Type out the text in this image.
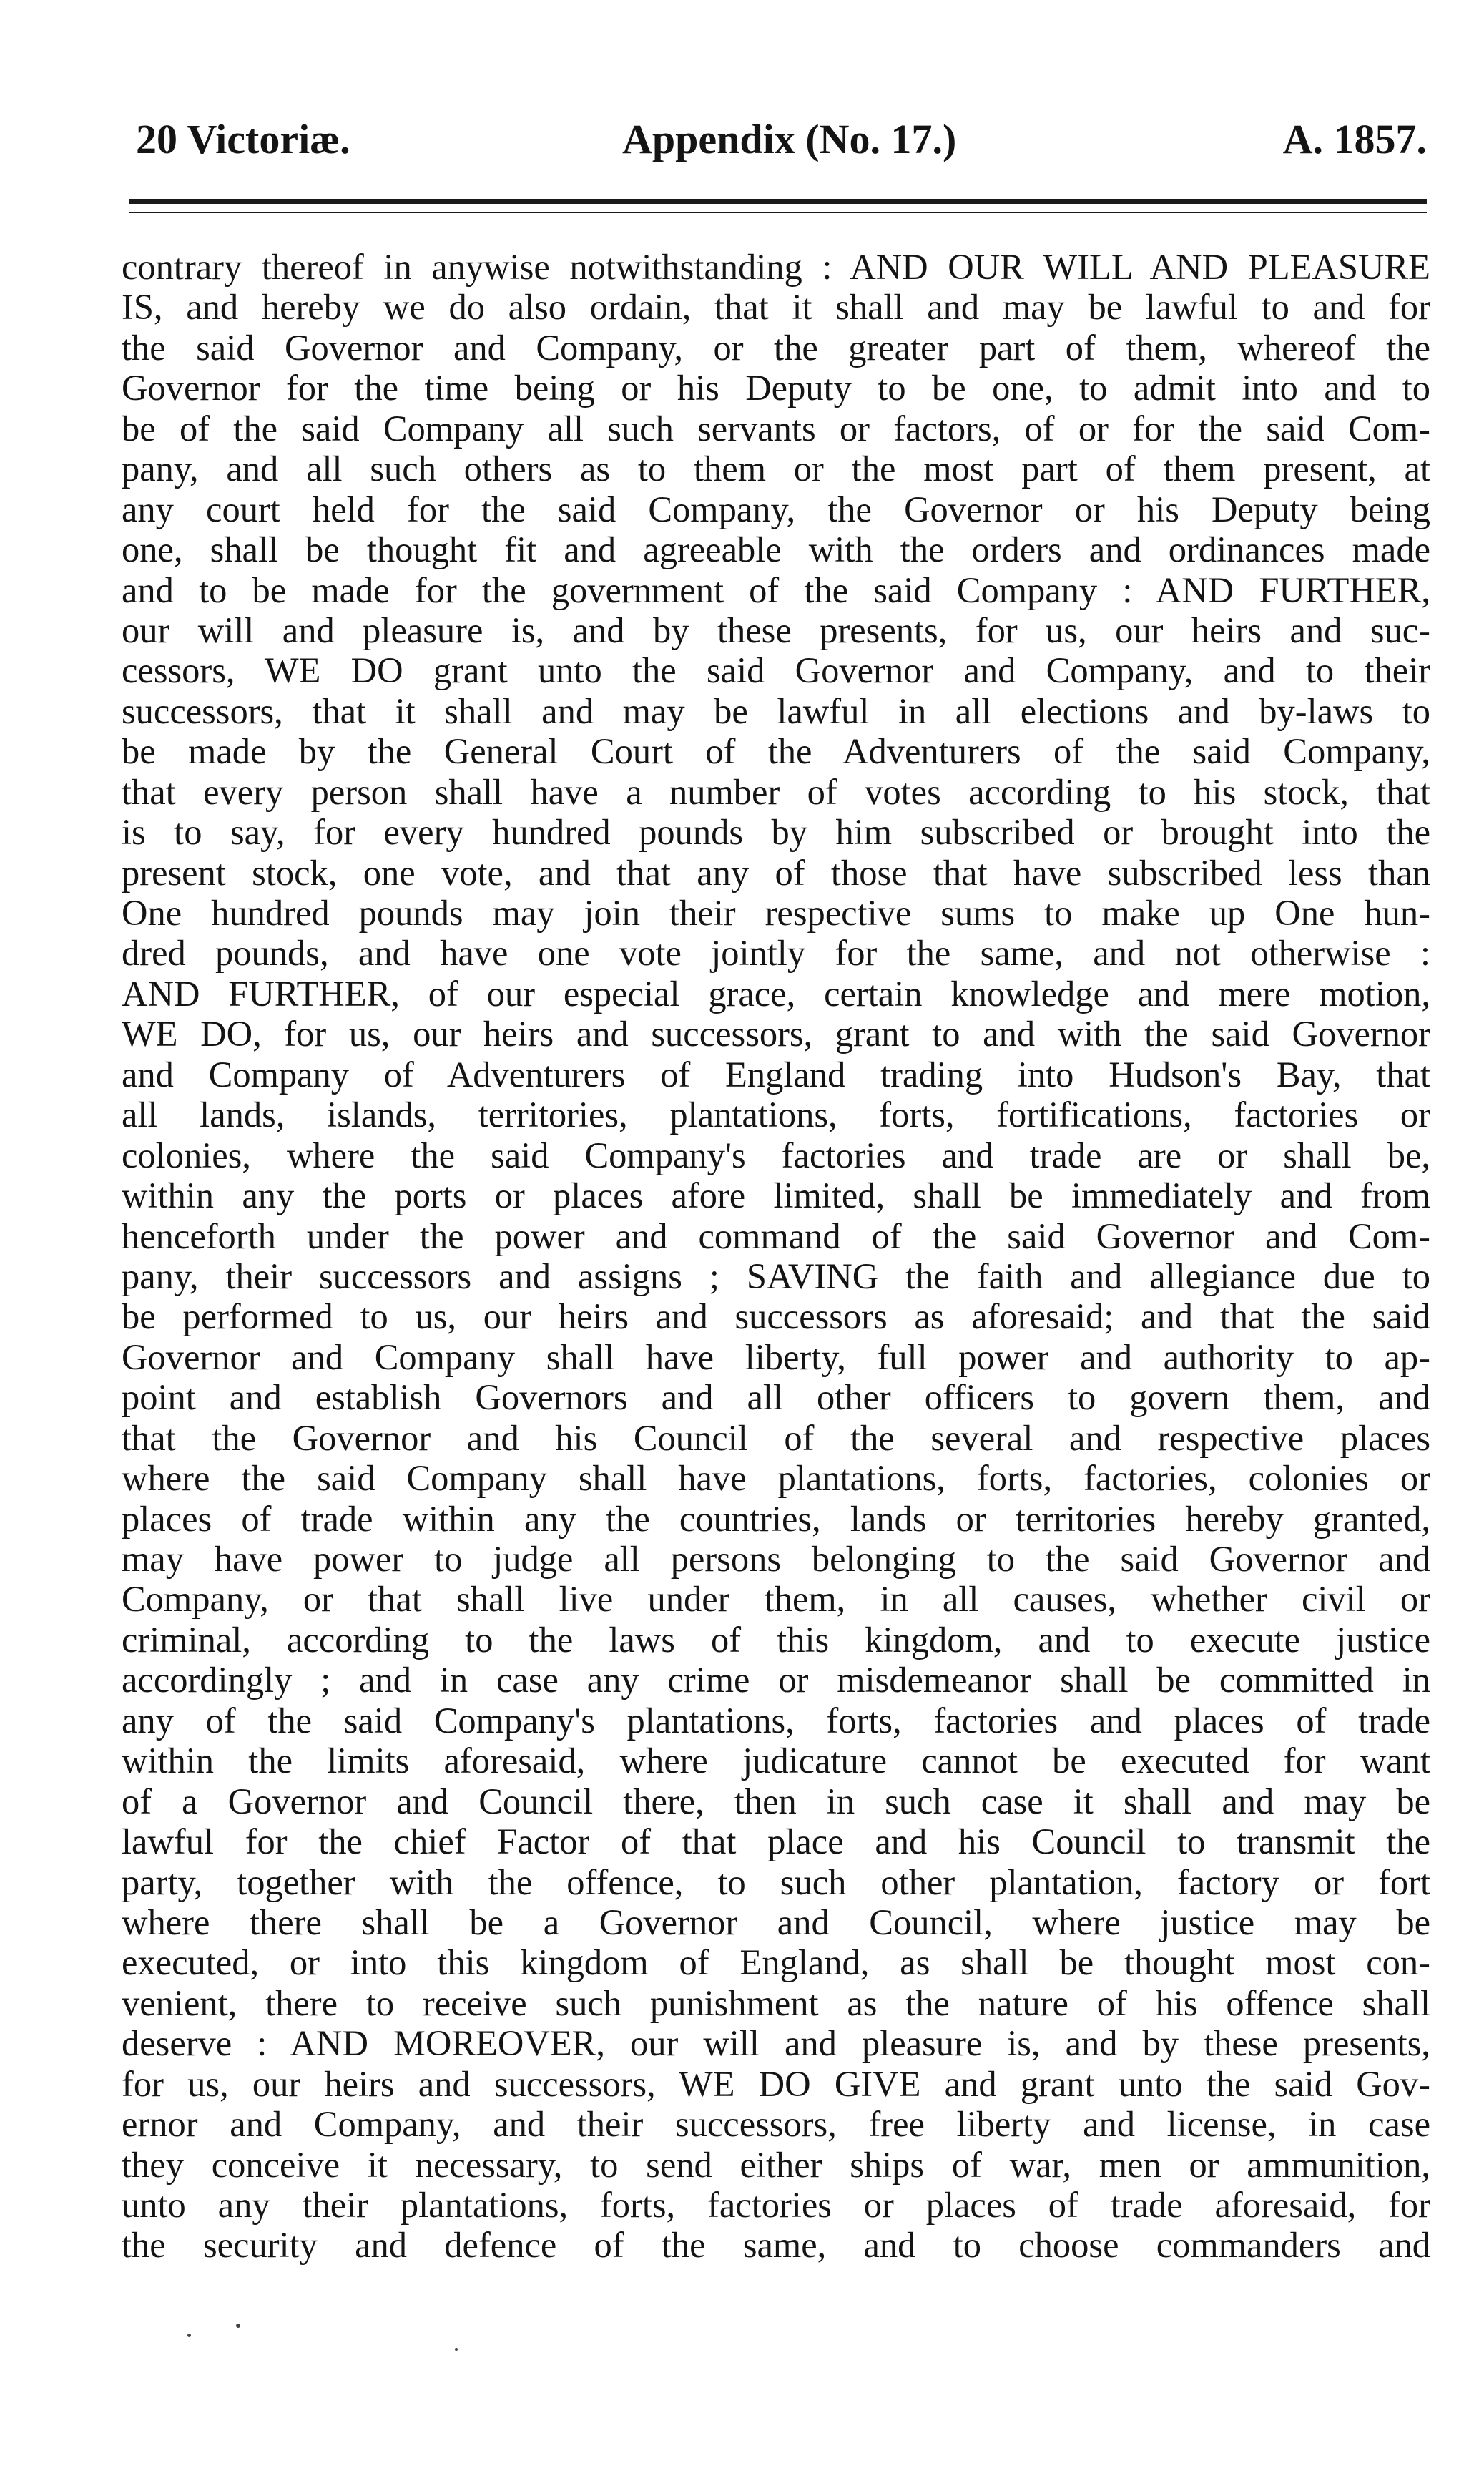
20 Victoriæ.	Appendix (No. 17.)	A. 1857.
contrary thereof in anywise notwithstanding : AND OUR WILL AND PLEASURE
IS, and hereby we do also ordain, that it shall and may be lawful to and for
the said Governor and Company, or the greater part of them, whereof the
Governor for the time being or his Deputy to be one, to admit into and to
be of the said Company all such servants or factors, of or for the said Com-
pany, and all such others as to them or the most part of them present, at
any court held for the said Company, the Governor or his Deputy being
one, shall be thought fit and agreeable with the orders and ordinances made
and to be made for the government of the said Company : AND FURTHER,
our will and pleasure is, and by these presents, for us, our heirs and suc-
cessors, WE DO grant unto the said Governor and Company, and to their
successors, that it shall and may be lawful in all elections and by-laws to
be made by the General Court of the Adventurers of the said Company,
that every person shall have a number of votes according to his stock, that
is to say, for every hundred pounds by him subscribed or brought into the
present stock, one vote, and that any of those that have subscribed less than
One hundred pounds may join their respective sums to make up One hun-
dred pounds, and have one vote jointly for the same, and not otherwise :
AND FURTHER, of our especial grace, certain knowledge and mere motion,
WE DO, for us, our heirs and successors, grant to and with the said Governor
and Company of Adventurers of England trading into Hudson's Bay, that
all lands, islands, territories, plantations, forts, fortifications, factories or
colonies, where the said Company's factories and trade are or shall be,
within any the ports or places afore limited, shall be immediately and from
henceforth under the power and command of the said Governor and Com-
pany, their successors and assigns ; SAVING the faith and allegiance due to
be performed to us, our heirs and successors as aforesaid; and that the said
Governor and Company shall have liberty, full power and authority to ap-
point and establish Governors and all other officers to govern them, and
that the Governor and his Council of the several and respective places
where the said Company shall have plantations, forts, factories, colonies or
places of trade within any the countries, lands or territories hereby granted,
may have power to judge all persons belonging to the said Governor and
Company, or that shall live under them, in all causes, whether civil or
criminal, according to the laws of this kingdom, and to execute justice
accordingly ; and in case any crime or misdemeanor shall be committed in
any of the said Company's plantations, forts, factories and places of trade
within the limits aforesaid, where judicature cannot be executed for want
of a Governor and Council there, then in such case it shall and may be
lawful for the chief Factor of that place and his Council to transmit the
party, together with the offence, to such other plantation, factory or fort
where there shall be a Governor and Council, where justice may be
executed, or into this kingdom of England, as shall be thought most con-
venient, there to receive such punishment as the nature of his offence shall
deserve : AND MOREOVER, our will and pleasure is, and by these presents,
for us, our heirs and successors, WE DO GIVE and grant unto the said Gov-
ernor and Company, and their successors, free liberty and license, in case
they conceive it necessary, to send either ships of war, men or ammunition,
unto any their plantations, forts, factories or places of trade aforesaid, for
the security and defence of the same, and to choose commanders and
